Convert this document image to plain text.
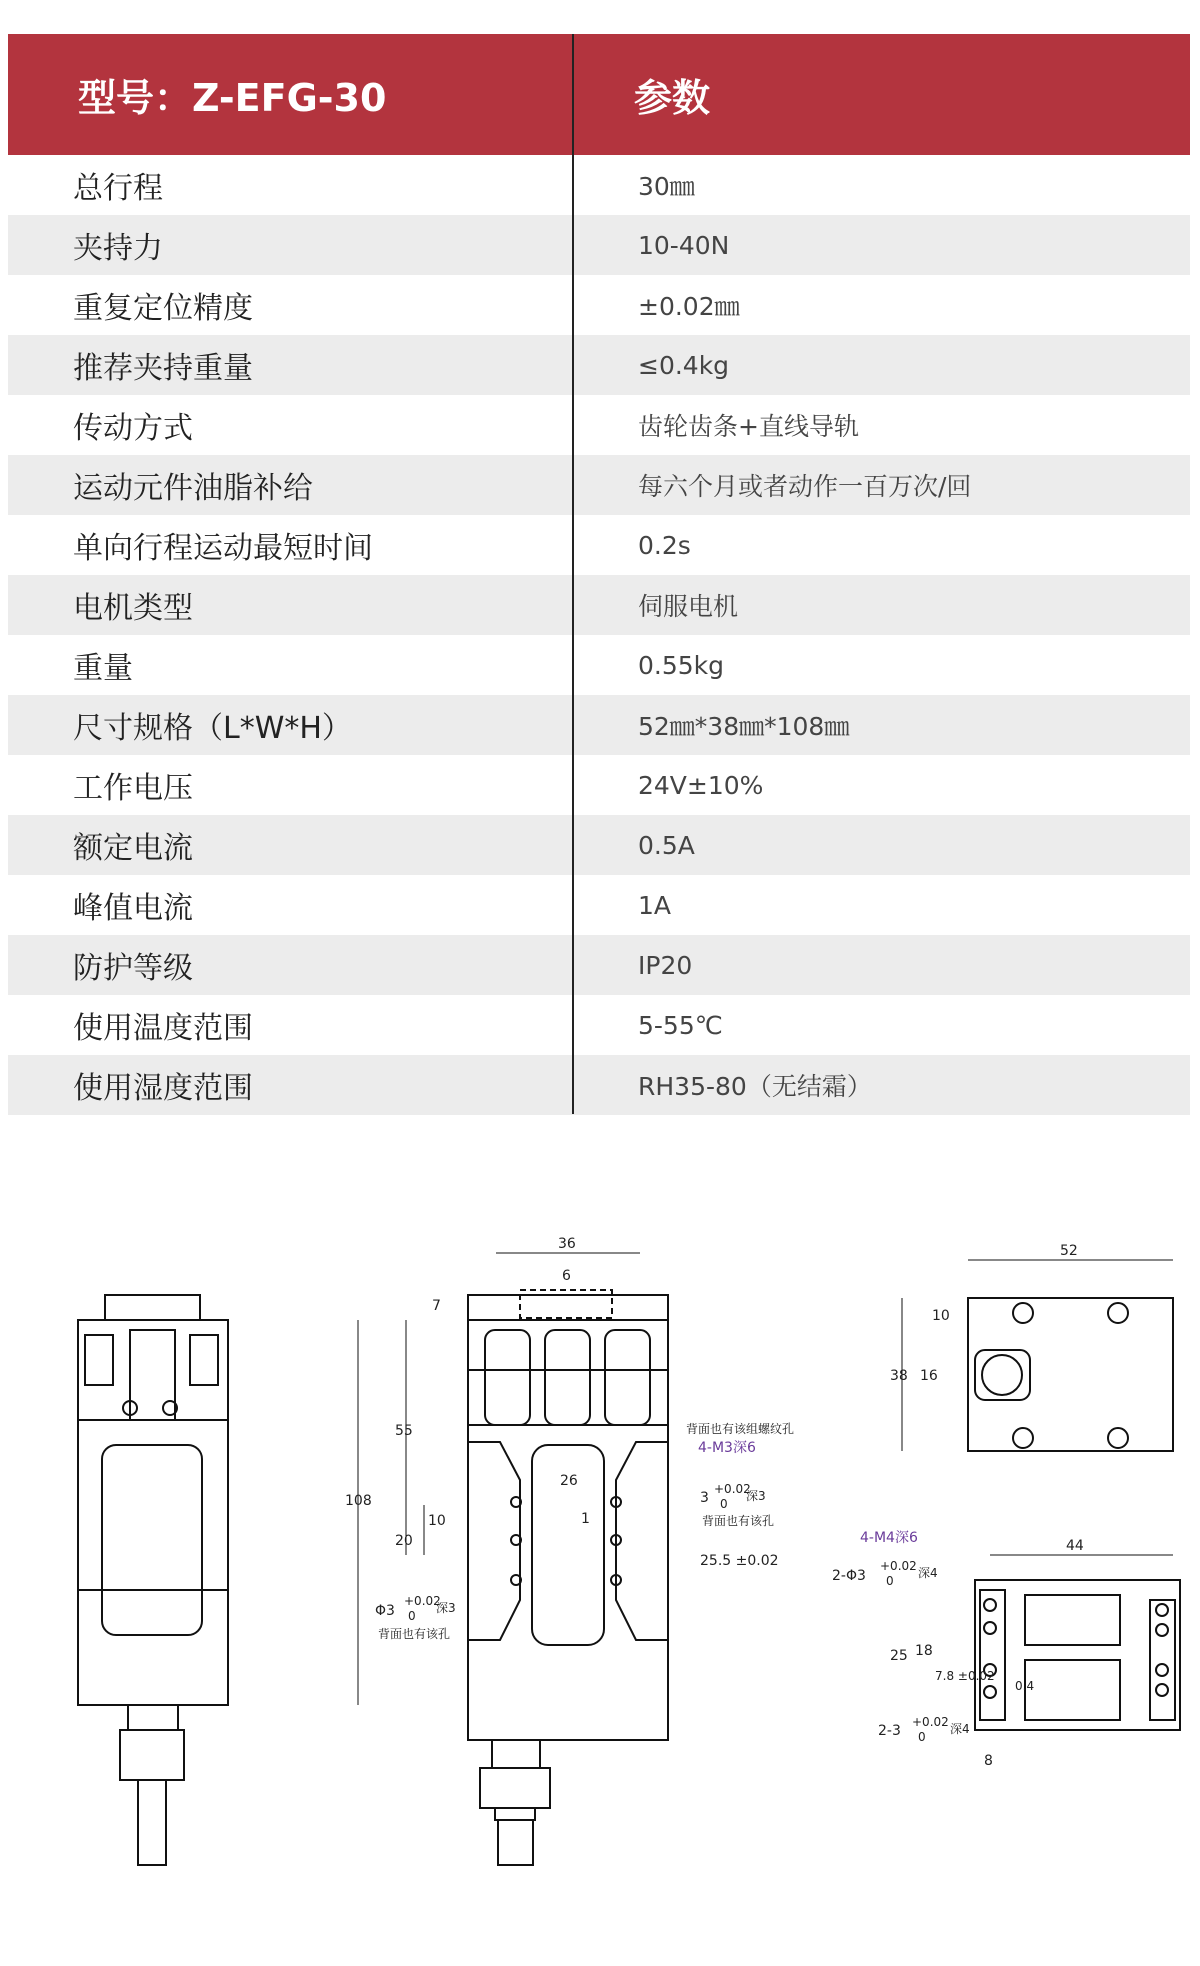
型号：Z-EFG-30	参数
总行程	30㎜
夹持力	10-40N
重复定位精度	±0.02㎜
推荐夹持重量	≤0.4kg
传动方式	齿轮齿条+直线导轨
运动元件油脂补给	每六个月或者动作一百万次/回
单向行程运动最短时间	0.2s
电机类型	伺服电机
重量	0.55kg
尺寸规格（L*W*H）	52㎜*38㎜*108㎜
工作电压	24V±10%
额定电流	0.5A
峰值电流	1A
防护等级	IP20
使用温度范围	5-55℃
使用湿度范围	RH35-80（无结霜）
36
6
7
55
108
20
10
26
1
Φ3
+0.02
0
深3
背面也有该孔
背面也有该组螺纹孔
4-M3深6
3
+0.02
0
深3
背面也有该孔
25.5 ±0.02
52
10
38 16
4-M4深6	44
2-Φ3
+0.02
0
深4
25 18
7.8 ±0.02
0.4
2-3
+0.02
0
深4
8
